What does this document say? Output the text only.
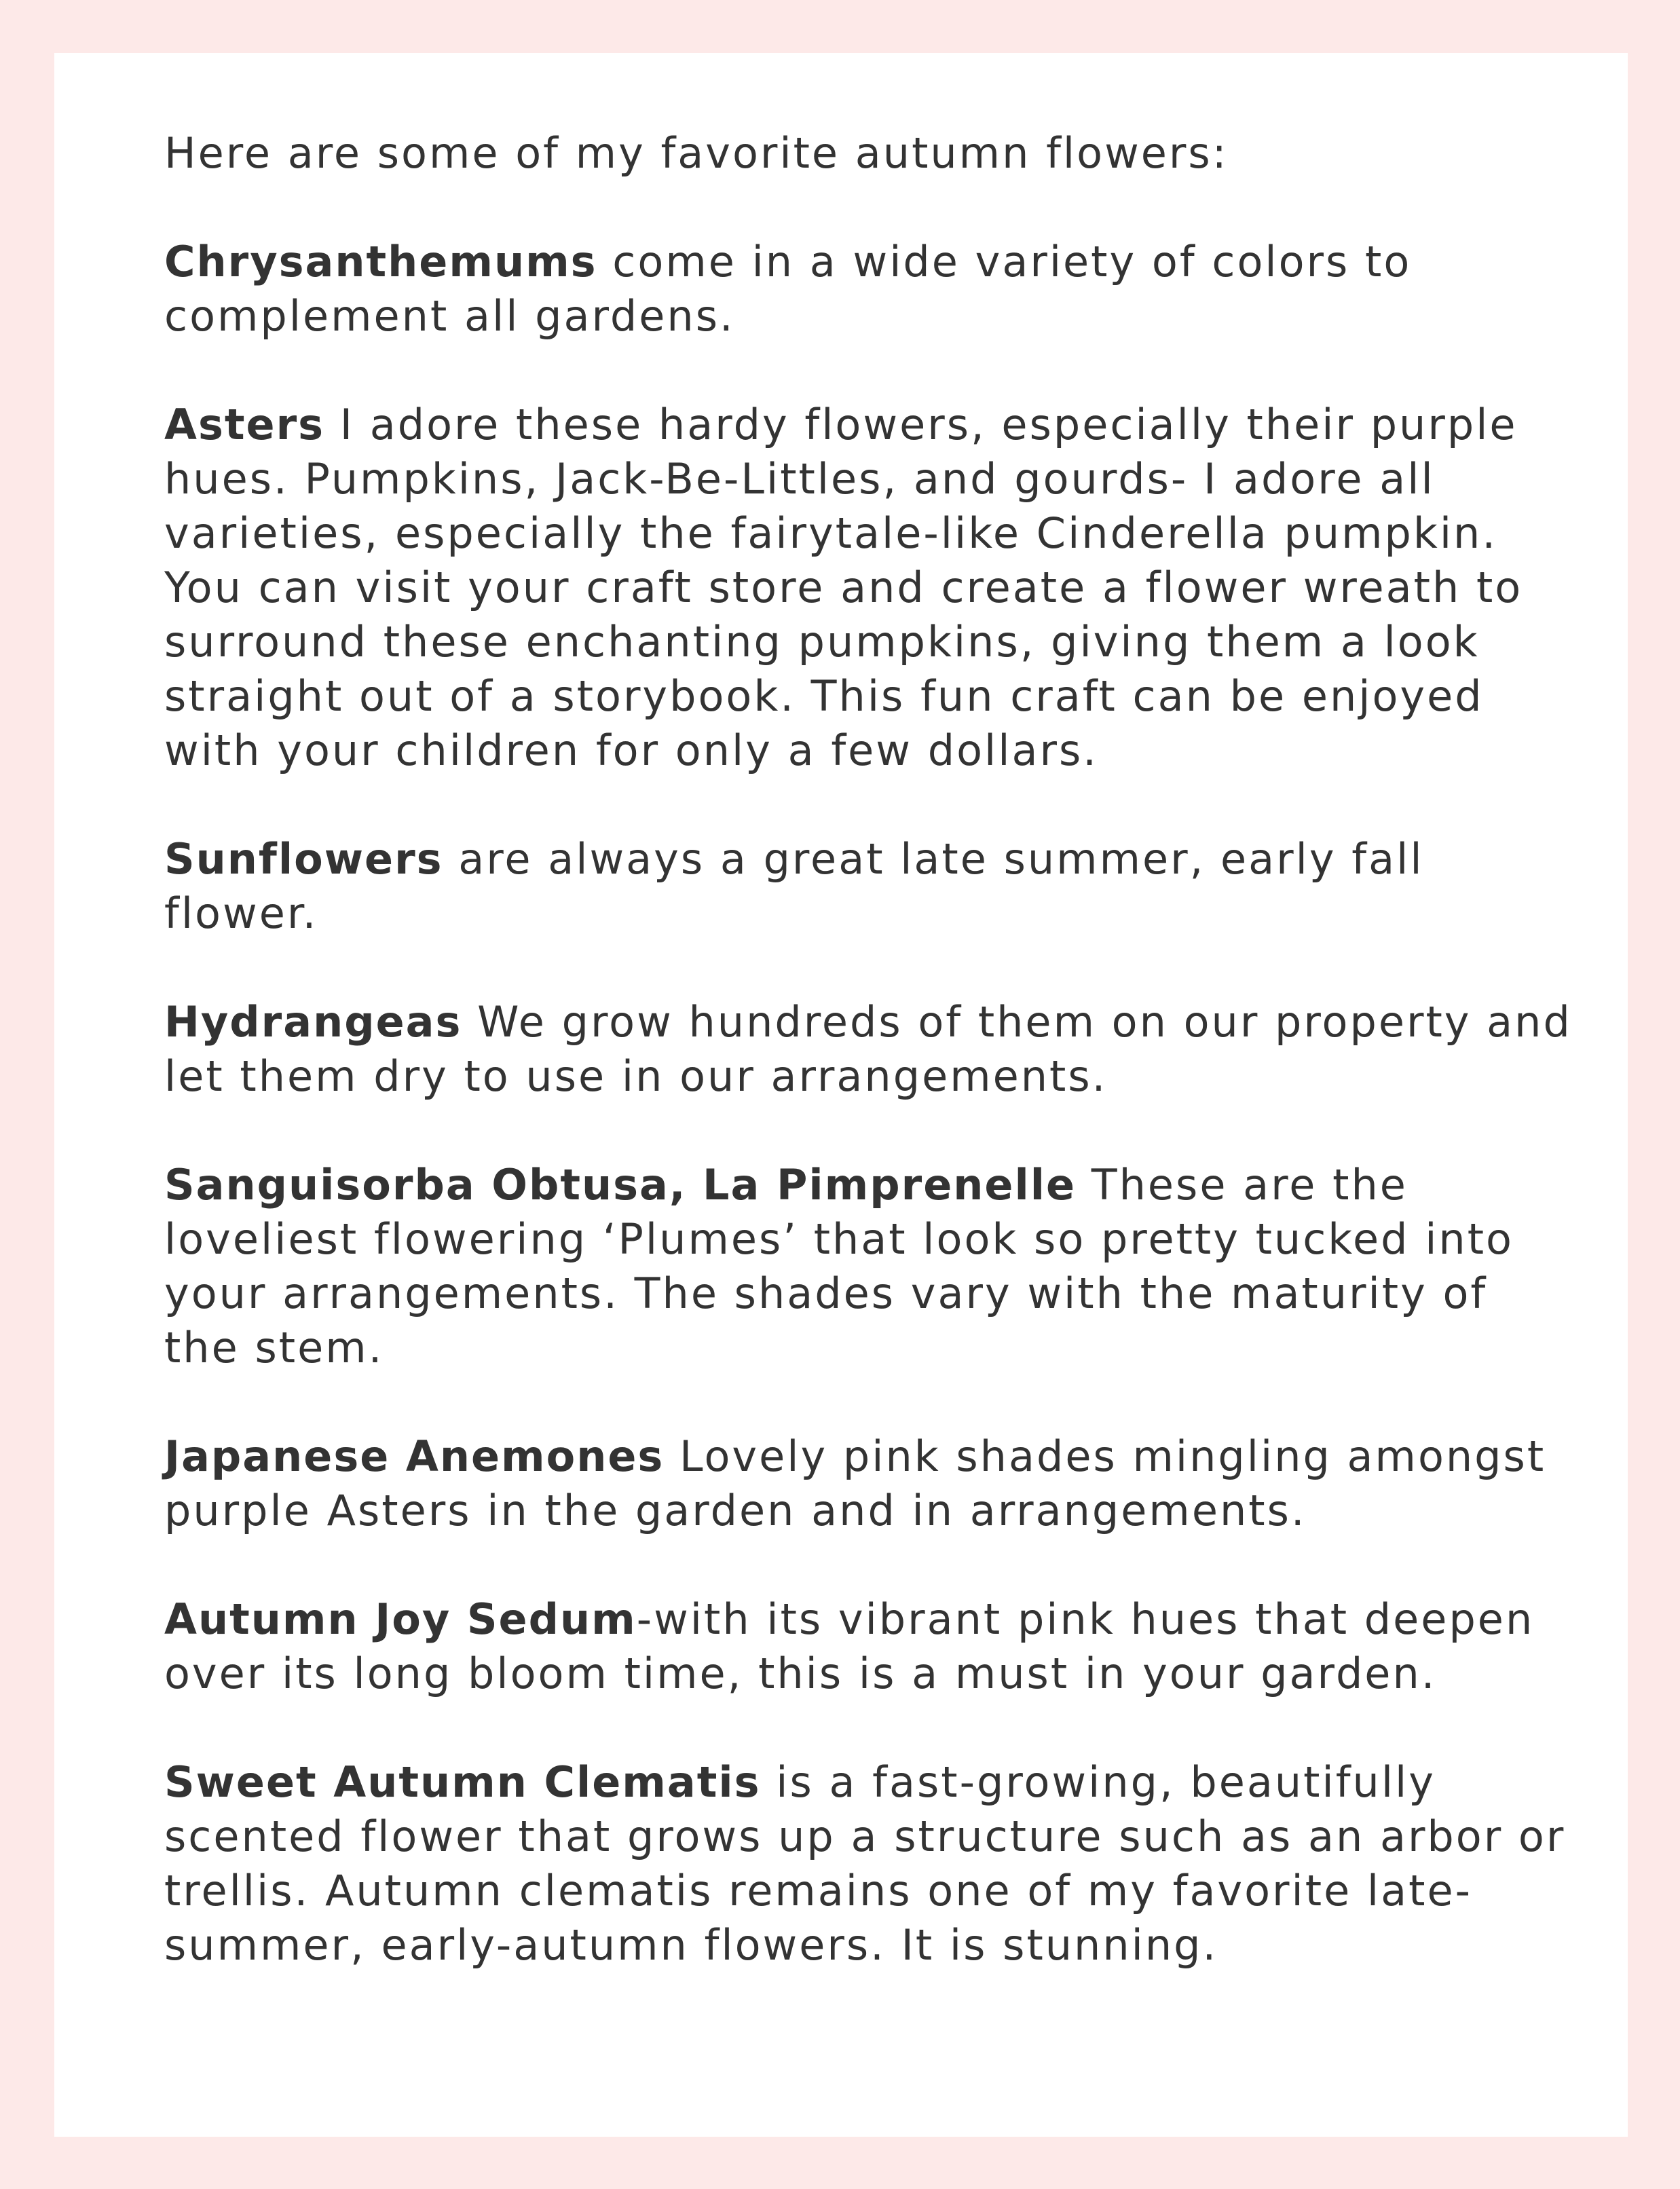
Here are some of my favorite autumn flowers:

Chrysanthemums come in a wide variety of colors to complement all gardens.

Asters I adore these hardy flowers, especially their purple hues. Pumpkins, Jack-Be-Littles, and gourds- I adore all varieties, especially the fairytale-like Cinderella pumpkin. You can visit your craft store and create a flower wreath to surround these enchanting pumpkins, giving them a look straight out of a storybook. This fun craft can be enjoyed with your children for only a few dollars.

Sunflowers are always a great late summer, early fall flower.

Hydrangeas We grow hundreds of them on our property and let them dry to use in our arrangements.

Sanguisorba Obtusa, La Pimprenelle These are the loveliest flowering ‘Plumes’ that look so pretty tucked into your arrangements. The shades vary with the maturity of the stem.

Japanese Anemones Lovely pink shades mingling amongst purple Asters in the garden and in arrangements.

Autumn Joy Sedum-with its vibrant pink hues that deepen over its long bloom time, this is a must in your garden.

Sweet Autumn Clematis is a fast-growing, beautifully scented flower that grows up a structure such as an arbor or trellis. Autumn clematis remains one of my favorite late-summer, early-autumn flowers. It is stunning.
